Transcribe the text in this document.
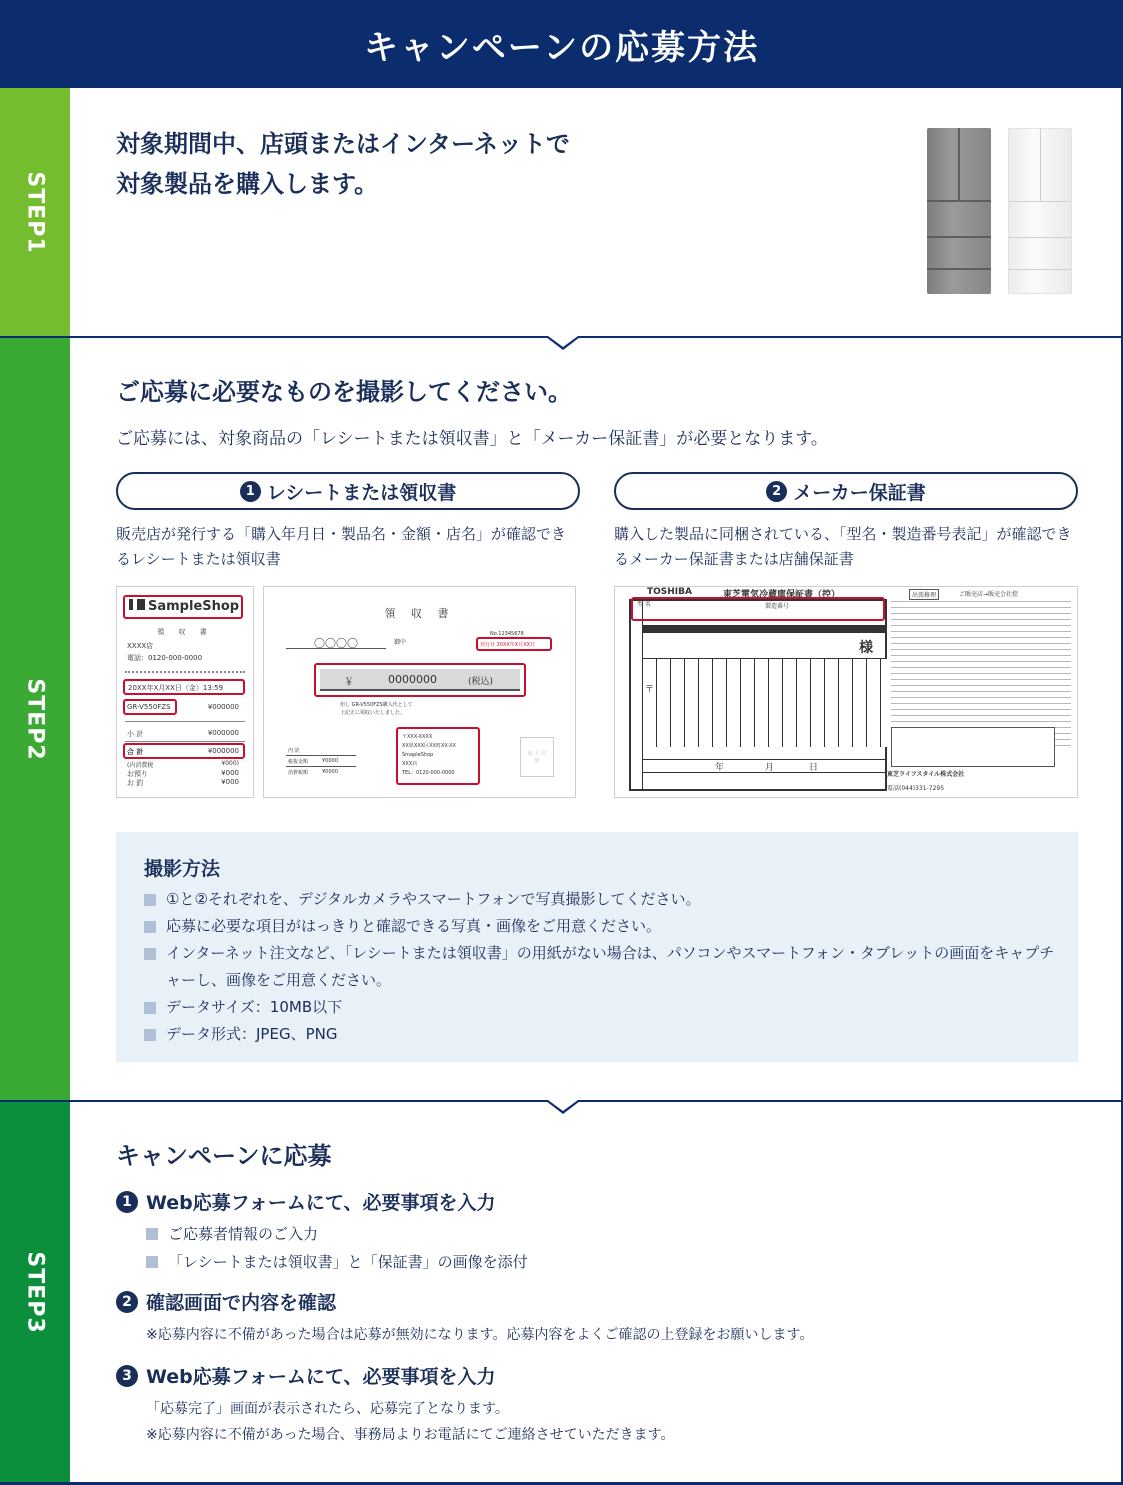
キャンペーンの応募方法
STEP1
対象期間中、店頭またはインターネットで
対象製品を購入します。
STEP2
ご応募に必要なものを撮影してください。
ご応募には、対象商品の「レシートまたは領収書」と「メーカー保証書」が必要となります。
1 レシートまたは領収書	2 メーカー保証書
販売店が発行する「購入年月日・製品名・金額・店名」が確認できるレシートまたは領収書
購入した製品に同梱されている、「型名・製造番号表記」が確認できるメーカー保証書または店舗保証書
SampleShop
領 収 書
XXXX店
電話：0120-000-0000
20XX年X月XX日（金）13:59
GR-V550FZS	¥000000
小 計	¥000000
合 計	¥000000
(内消費税	¥000)
お預り	¥000
お 釣	¥000
領 収 書
〇〇〇〇	御中
No.12345678
発行日 20XX年X月XX日
￥	0000000	(税込)
但し GR-V550FZS購入代として
上記正に領収いたしました。
内 訳
税抜金額	¥0000
消費税額	¥0000
〒XXX-XXXX
XX県XXX区XX町XX-XX
SmapleShop
XXX店
TEL：0120-000-0000
収 入 印 紙
TOSHIBA	東芝電気冷蔵庫保証書（控）	出張修理	ご販売店→販売会社控
型 名	製造番号
様
〒
年	月	日
東芝ライフスタイル株式会社
電話(044)331-7295
撮影方法
①と②それぞれを、デジタルカメラやスマートフォンで写真撮影してください。
応募に必要な項目がはっきりと確認できる写真・画像をご用意ください。
インターネット注文など、「レシートまたは領収書」の用紙がない場合は、パソコンやスマートフォン・タブレットの画面をキャプチャーし、画像をご用意ください。
データサイズ：10MB以下
データ形式：JPEG、PNG
STEP3
キャンペーンに応募
1 Web応募フォームにて、必要事項を入力
ご応募者情報のご入力
「レシートまたは領収書」と「保証書」の画像を添付
2 確認画面で内容を確認
※応募内容に不備があった場合は応募が無効になります。応募内容をよくご確認の上登録をお願いします。
3 Web応募フォームにて、必要事項を入力
「応募完了」画面が表示されたら、応募完了となります。
※応募内容に不備があった場合、事務局よりお電話にてご連絡させていただきます。
